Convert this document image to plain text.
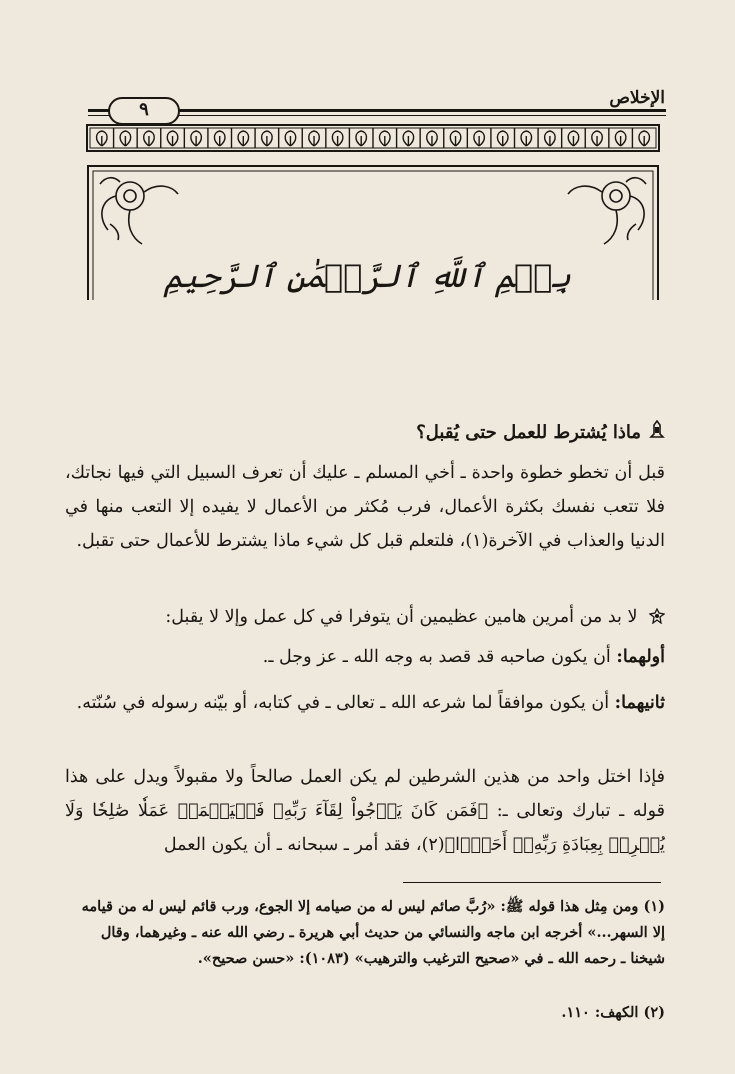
الإخلاص
٩
بِسۡمِ ٱللَّهِ ٱلرَّحۡمَٰنِ ٱلرَّحِيمِ
ماذا يُشترط للعمل حتى يُقبل؟
قبل أن تخطو خطوة واحدة ـ أخي المسلم ـ عليك أن تعرف السبيل التي فيها نجاتك، فلا تتعب نفسك بكثرة الأعمال، فرب مُكثر من الأعمال لا يفيده إلا التعب منها في الدنيا والعذاب في الآخرة(١)، فلتعلم قبل كل شيء ماذا يشترط للأعمال حتى تقبل.
لا بد من أمرين هامين عظيمين أن يتوفرا في كل عمل وإلا لا يقبل:
أولهما: أن يكون صاحبه قد قصد به وجه الله ـ عز وجل ـ.
ثانيهما: أن يكون موافقاً لما شرعه الله ـ تعالى ـ في كتابه، أو بيّنه رسوله في سُنّته.
فإذا اختل واحد من هذين الشرطين لم يكن العمل صالحاً ولا مقبولاً ويدل على هذا قوله ـ تبارك وتعالى ـ: ﴿فَمَن كَانَ يَرۡجُواْ لِقَآءَ رَبِّهِۦ فَلۡيَعۡمَلۡ عَمَلٗا صَٰلِحٗا وَلَا يُشۡرِكۡ بِعِبَادَةِ رَبِّهِۦٓ أَحَدَۢا﴾(٢)، فقد أمر ـ سبحانه ـ أن يكون العمل
(١) ومن مِثل هذا قوله ﷺ: «رُبَّ صائم ليس له من صيامه إلا الجوع، ورب قائم ليس له من قيامه إلا السهر...» أخرجه ابن ماجه والنسائي من حديث أبي هريرة ـ رضي الله عنه ـ وغيرهما، وقال شيخنا ـ رحمه الله ـ في «صحيح الترغيب والترهيب» (١٠٨٣): «حسن صحيح».
(٢) الكهف: ١١٠.
